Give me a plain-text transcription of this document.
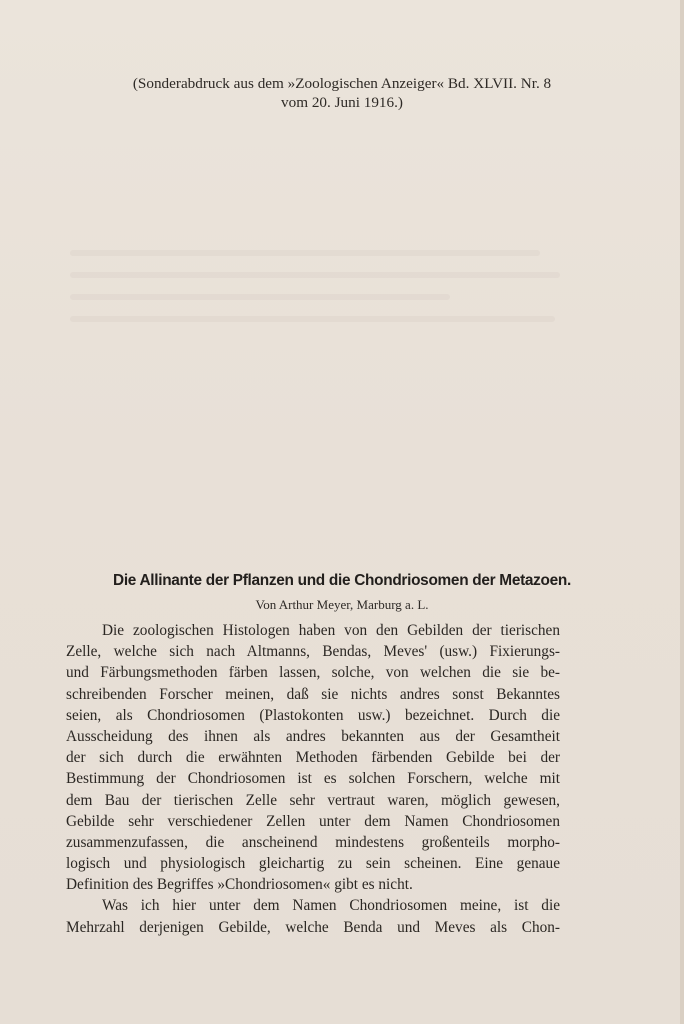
(Sonderabdruck aus dem »Zoologischen Anzeiger« Bd. XLVII. Nr. 8
vom 20. Juni 1916.)
Die Allinante der Pflanzen und die Chondriosomen der Metazoen.
Von Arthur Meyer, Marburg a. L.
Die zoologischen Histologen haben von den Gebilden der tierischen
Zelle, welche sich nach Altmanns, Bendas, Meves' (usw.) Fixierungs-
und Färbungsmethoden färben lassen, solche, von welchen die sie be-
schreibenden Forscher meinen, daß sie nichts andres sonst Bekanntes
seien, als Chondriosomen (Plastokonten usw.) bezeichnet. Durch die
Ausscheidung des ihnen als andres bekannten aus der Gesamtheit
der sich durch die erwähnten Methoden färbenden Gebilde bei der
Bestimmung der Chondriosomen ist es solchen Forschern, welche mit
dem Bau der tierischen Zelle sehr vertraut waren, möglich gewesen,
Gebilde sehr verschiedener Zellen unter dem Namen Chondriosomen
zusammenzufassen, die anscheinend mindestens großenteils morpho-
logisch und physiologisch gleichartig zu sein scheinen. Eine genaue
Definition des Begriffes »Chondriosomen« gibt es nicht.
Was ich hier unter dem Namen Chondriosomen meine, ist die
Mehrzahl derjenigen Gebilde, welche Benda und Meves als Chon-
